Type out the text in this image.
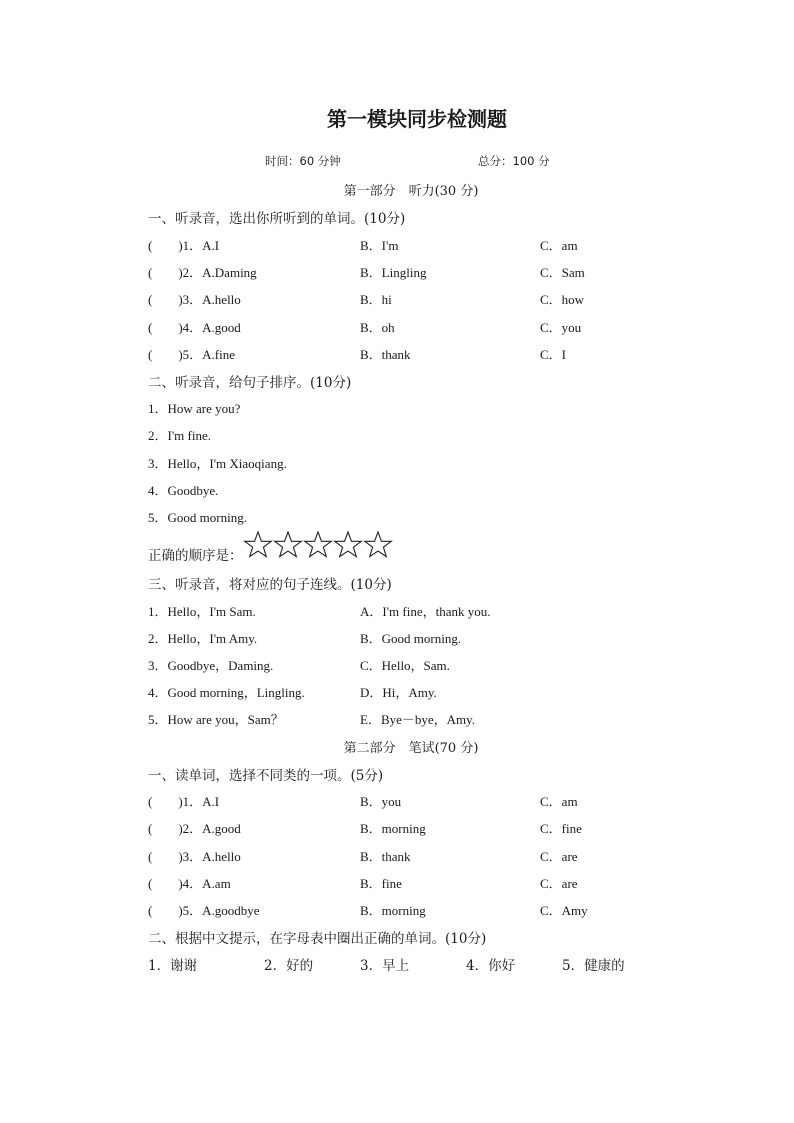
第一模块同步检测题
时间：60 分钟	总分：100 分
第一部分　听力(30 分)
一、听录音，选出你所听到的单词。(10分)
(　　)1．A.I	B．I'm	C．am
(　　)2．A.Daming	B．Lingling	C．Sam
(　　)3．A.hello	B．hi	C．how
(　　)4．A.good	B．oh	C．you
(　　)5．A.fine	B．thank	C．I
二、听录音，给句子排序。(10分)
1．How are you?
2．I'm fine.
3．Hello，I'm Xiaoqiang.
4．Goodbye.
5．Good morning.
正确的顺序是：
三、听录音，将对应的句子连线。(10分)
1．Hello，I'm Sam.	A．I'm fine，thank you.
2．Hello，I'm Amy.	B．Good morning.
3．Goodbye，Daming.	C．Hello，Sam.
4．Good morning，Lingling.	D．Hi，Amy.
5．How are you，Sam？	E．Bye－bye，Amy.
第二部分　笔试(70 分)
一、读单词，选择不同类的一项。(5分)
(　　)1．A.I	B．you	C．am
(　　)2．A.good	B．morning	C．fine
(　　)3．A.hello	B．thank	C．are
(　　)4．A.am	B．fine	C．are
(　　)5．A.goodbye	B．morning	C．Amy
二、根据中文提示，在字母表中圈出正确的单词。(10分)
1．谢谢	2．好的	3．早上	4．你好	5．健康的
